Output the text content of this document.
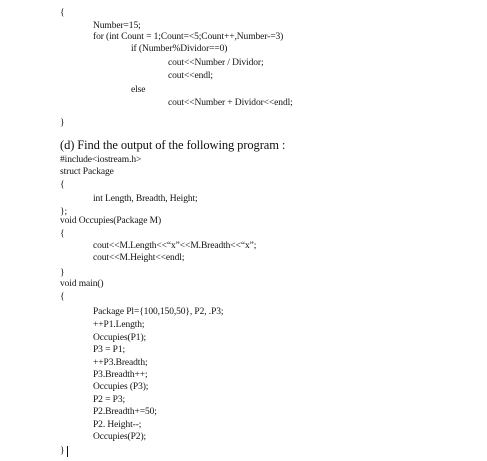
{
Number=15;
for (int Count = 1;Count=<5;Count++,Number-=3)
if (Number%Dividor==0)
cout<<Number / Dividor;
cout<<endl;
else
cout<<Number + Dividor<<endl;
}
(d) Find the output of the following program :
#include<iostream.h>
struct Package
{
int Length, Breadth, Height;
};
void Occupies(Package M)
{
cout<<M.Length<<“x”<<M.Breadth<<“x”;
cout<<M.Height<<endl;
}
void main()
{
Package Pl={100,150,50}, P2, .P3;
++P1.Length;
Occupies(P1);
P3 = P1;
++P3.Breadth;
P3.Breadth++;
Occupies (P3);
P2 = P3;
P2.Breadth+=50;
P2. Height--;
Occupies(P2);
}
